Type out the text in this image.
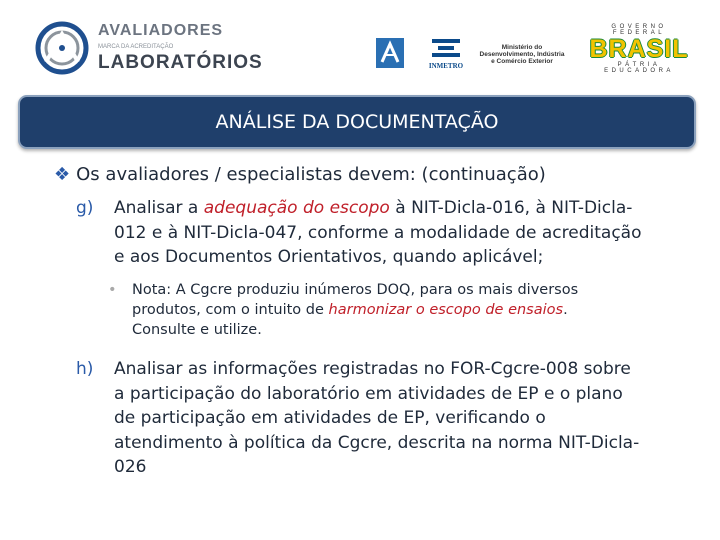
AVALIADORES
MARCA DA ACREDITAÇÃO
LABORATÓRIOS	INMETRO
Ministério do
Desenvolvimento, Indústria
e Comércio Exterior
GOVERNO FEDERAL
BRASIL
PÁTRIA EDUCADORA
ANÁLISE DA DOCUMENTAÇÃO
❖ Os avaliadores / especialistas devem: (continuação)
g) Analisar a adequação do escopo à NIT-Dicla-016, à NIT-Dicla-
012 e à NIT-Dicla-047, conforme a modalidade de acreditação
e aos Documentos Orientativos, quando aplicável;
• Nota: A Cgcre produziu inúmeros DOQ, para os mais diversos
produtos, com o intuito de harmonizar o escopo de ensaios.
Consulte e utilize.
h) Analisar as informações registradas no FOR-Cgcre-008 sobre
a participação do laboratório em atividades de EP e o plano
de participação em atividades de EP, verificando o
atendimento à política da Cgcre, descrita na norma NIT-Dicla-
026
